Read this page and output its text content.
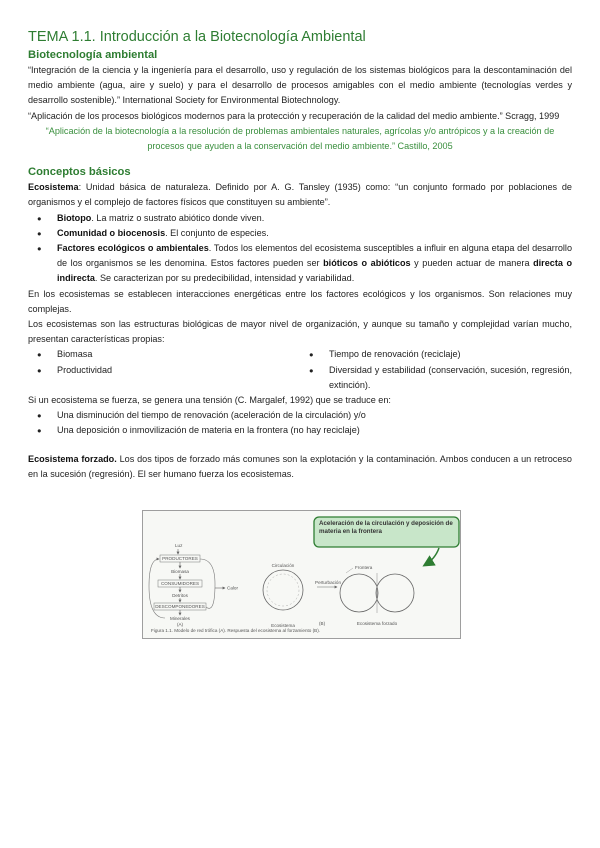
TEMA 1.1. Introducción a la Biotecnología Ambiental
Biotecnología ambiental

“Integración de la ciencia y la ingeniería para el desarrollo, uso y regulación de los sistemas biológicos para la descontaminación del medio ambiente (agua, aire y suelo) y para el desarrollo de procesos amigables con el medio ambiente (tecnologías verdes y desarrollo sostenible).” International Society for Environmental Biotechnology.

“Aplicación de los procesos biológicos modernos para la protección y recuperación de la calidad del medio ambiente.” Scragg, 1999

“Aplicación de la biotecnología a la resolución de problemas ambientales naturales, agrícolas y/o antrópicos y a la creación de procesos que ayuden a la conservación del medio ambiente.” Castillo, 2005

Conceptos básicos

Ecosistema: Unidad básica de naturaleza. Definido por A. G. Tansley (1935) como: “un conjunto formado por poblaciones de organismos y el complejo de factores físicos que constituyen su ambiente”.

● Biotopo. La matriz o sustrato abiótico donde viven.
● Comunidad o biocenosis. El conjunto de especies.
● Factores ecológicos o ambientales. Todos los elementos del ecosistema susceptibles a influir en alguna etapa del desarrollo de los organismos se les denomina. Estos factores pueden ser bióticos o abióticos y pueden actuar de manera directa o indirecta. Se caracterizan por su predecibilidad, intensidad y variabilidad.

En los ecosistemas se establecen interacciones energéticas entre los factores ecológicos y los organismos. Son relaciones muy complejas.

Los ecosistemas son las estructuras biológicas de mayor nivel de organización, y aunque su tamaño y complejidad varían mucho, presentan características propias:

● Biomasa
● Productividad
● Tiempo de renovación (reciclaje)
● Diversidad y estabilidad (conservación, sucesión, regresión, extinción).

Si un ecosistema se fuerza, se genera una tensión (C. Margalef, 1992) que se traduce en:

● Una disminución del tiempo de renovación (aceleración de la circulación) y/o
● Una deposición o inmovilización de materia en la frontera (no hay reciclaje)

Ecosistema forzado. Los dos tipos de forzado más comunes son la explotación y la contaminación. Ambos conducen a un retroceso en la sucesión (regresión). El ser humano fuerza los ecosistemas.

Luz
PRODUCTORES
Biomasa
CONSUMIDORES
Detritos
DESCOMPONEDORES
Minerales
Calor
(A)
Circulación
Ecosistema
Frontera
Perturbación
Ecosistema forzado
(B)
Aceleración de la circulación y deposición de materia en la frontera
Figura 1.1. Modelo de red trófica (A). Respuesta del ecosistema al forzamiento (B).
